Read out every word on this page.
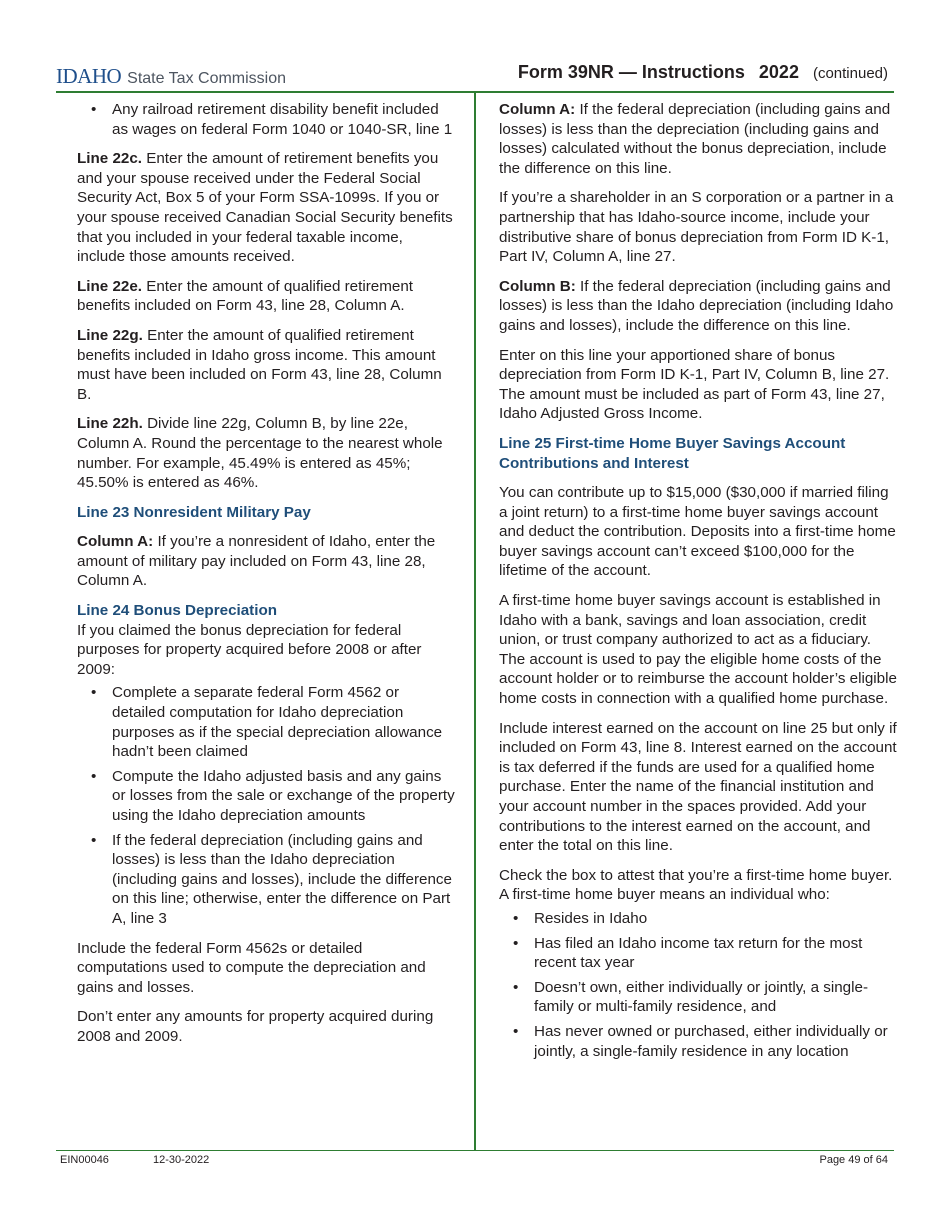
IDAHO State Tax Commission	Form 39NR — Instructions 2022 (continued)
• Any railroad retirement disability benefit included as wages on federal Form 1040 or 1040-SR, line 1

Line 22c. Enter the amount of retirement benefits you and your spouse received under the Federal Social Security Act, Box 5 of your Form SSA-1099s. If you or your spouse received Canadian Social Security benefits that you included in your federal taxable income, include those amounts received.

Line 22e. Enter the amount of qualified retirement benefits included on Form 43, line 28, Column A.

Line 22g. Enter the amount of qualified retirement benefits included in Idaho gross income. This amount must have been included on Form 43, line 28, Column B.

Line 22h. Divide line 22g, Column B, by line 22e, Column A. Round the percentage to the nearest whole number. For example, 45.49% is entered as 45%; 45.50% is entered as 46%.

Line 23 Nonresident Military Pay

Column A: If you’re a nonresident of Idaho, enter the amount of military pay included on Form 43, line 28, Column A.

Line 24 Bonus Depreciation

If you claimed the bonus depreciation for federal purposes for property acquired before 2008 or after 2009:

• Complete a separate federal Form 4562 or detailed computation for Idaho depreciation purposes as if the special depreciation allowance hadn’t been claimed
• Compute the Idaho adjusted basis and any gains or losses from the sale or exchange of the property using the Idaho depreciation amounts
• If the federal depreciation (including gains and losses) is less than the Idaho depreciation (including gains and losses), include the difference on this line; otherwise, enter the difference on Part A, line 3

Include the federal Form 4562s or detailed computations used to compute the depreciation and gains and losses.

Don’t enter any amounts for property acquired during 2008 and 2009.

Column A: If the federal depreciation (including gains and losses) is less than the depreciation (including gains and losses) calculated without the bonus depreciation, include the difference on this line.

If you’re a shareholder in an S corporation or a partner in a partnership that has Idaho-source income, include your distributive share of bonus depreciation from Form ID K-1, Part IV, Column A, line 27.

Column B: If the federal depreciation (including gains and losses) is less than the Idaho depreciation (including Idaho gains and losses), include the difference on this line.

Enter on this line your apportioned share of bonus depreciation from Form ID K-1, Part IV, Column B, line 27. The amount must be included as part of Form 43, line 27, Idaho Adjusted Gross Income.

Line 25 First-time Home Buyer Savings Account Contributions and Interest

You can contribute up to $15,000 ($30,000 if married filing a joint return) to a first-time home buyer savings account and deduct the contribution. Deposits into a first-time home buyer savings account can’t exceed $100,000 for the lifetime of the account.

A first-time home buyer savings account is established in Idaho with a bank, savings and loan association, credit union, or trust company authorized to act as a fiduciary. The account is used to pay the eligible home costs of the account holder or to reimburse the account holder’s eligible home costs in connection with a qualified home purchase.

Include interest earned on the account on line 25 but only if included on Form 43, line 8. Interest earned on the account is tax deferred if the funds are used for a qualified home purchase. Enter the name of the financial institution and your account number in the spaces provided. Add your contributions to the interest earned on the account, and enter the total on this line.

Check the box to attest that you’re a first-time home buyer. A first-time home buyer means an individual who:

• Resides in Idaho
• Has filed an Idaho income tax return for the most recent tax year
• Doesn’t own, either individually or jointly, a single-family or multi-family residence, and
• Has never owned or purchased, either individually or jointly, a single-family residence in any location
EIN00046	12-30-2022	Page 49 of 64
